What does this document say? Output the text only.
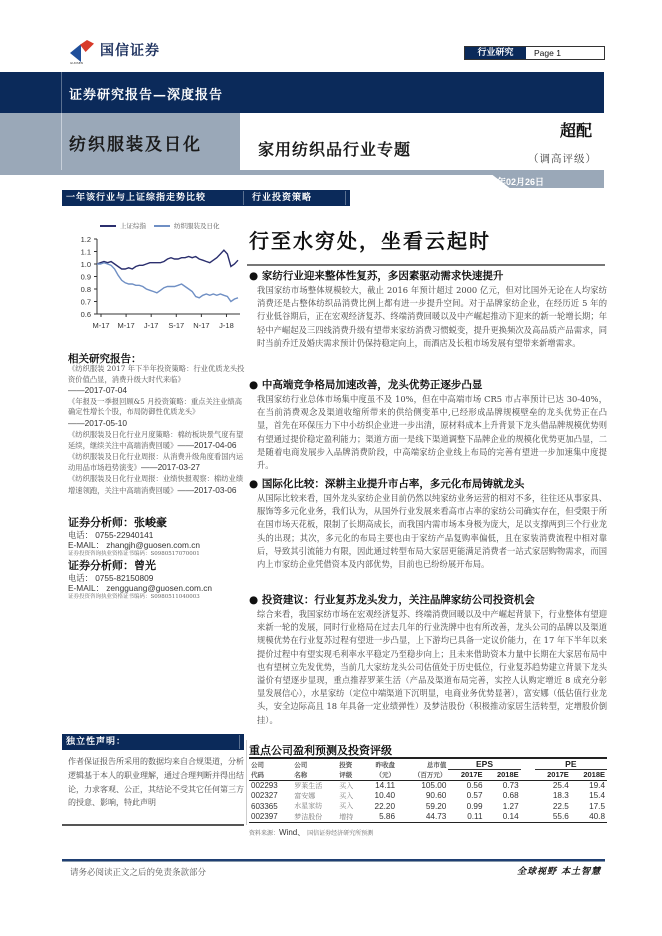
GUOSEN
国信证券	行业研究	Page 1
证券研究报告—深度报告
纺织服装及日化	家用纺织品行业专题
超配
（调高评级）
2018年02月26日
一年该行业与上证综指走势比较
上证综指	纺织服装及日化
1.2
1.1
1.0
0.9
0.8
0.7
0.6
M-17 M-17 J-17 S-17 N-17 J-18
相关研究报告：
《纺织服装 2017 年下半年投资策略：行业优质龙头投资价值凸显，消费升级大时代来临》
——2017-07-04
《年报及一季报回顾&5 月投资策略：重点关注业绩高确定性增长个股，布局防御性优质龙头》
——2017-05-10
《纺织服装及日化行业月度策略：棉纺板块景气度有望延续，继续关注中高端消费回暖》——2017-04-06
《纺织服装及日化行业周报：从消费升级角度看国内运动用品市场趋势演变》——2017-03-27
《纺织服装及日化行业周报：业绩快报观察：棉纺业绩增速领跑，关注中高端消费回暖》——2017-03-06
证券分析师：张峻豪
电话： 0755-22940141
E-MAIL： zhangjh@guosen.com.cn
证券投资咨询执业资格证书编码：S0980517070001
证券分析师：曾光
电话： 0755-82150809
E-MAIL： zengguang@guosen.com.cn
证券投资咨询执业资格证书编码：S0980511040003
独立性声明：
作者保证报告所采用的数据均来自合规渠道，分析逻辑基于本人的职业理解，通过合理判断并得出结论，力求客观、公正，其结论不受其它任何第三方的授意、影响，特此声明
行业投资策略
行至水穷处，坐看云起时
● 家纺行业迎来整体性复苏，多因素驱动需求快速提升
我国家纺市场整体规模较大，截止 2016 年预计超过 2000 亿元，但对比国外无论在人均家纺消费还是占整体纺织品消费比例上都有进一步提升空间。对于品牌家纺企业，在经历近 5 年的行业低谷期后，正在宏观经济复苏、终端消费回暖以及中产崛起推动下迎来的新一轮增长期；年轻中产崛起及三四线消费升级有望带来家纺消费习惯蜕变，提升更换频次及高品质产品需求，同时当前乔迁及婚庆需求预计仍保持稳定向上，而酒店及长租市场发展有望带来新增需求。
● 中高端竞争格局加速改善，龙头优势正逐步凸显
我国家纺行业总体市场集中度虽不及 10%，但在中高端市场 CR5 市占率预计已达 30-40%，在当前消费观念及渠道收缩所带来的供给侧变革中,已经形成品牌规模壁垒的龙头优势正在凸显，首先在环保压力下中小纺织企业进一步出清，原材料成本上升背景下龙头借品牌规模优势则有望通过提价稳定盈利能力；渠道方面一是线下渠道调整下品牌企业的规模化优势更加凸显，二是随着电商发展步入品牌消费阶段，中高端家纺企业线上布局的完善有望进一步加速集中度提升。
● 国际化比较：深耕主业提升市占率，多元化布局铸就龙头
从国际比较来看，国外龙头家纺企业目前仍然以纯家纺业务运营的相对不多，往往还从事家具、服饰等多元化业务，我们认为，从国外行业发展来看高市占率的家纺公司确实存在，但受限于所在国市场天花板，限制了长期高成长，而我国内需市场本身极为庞大，足以支撑两到三个行业龙头的出现；其次，多元化的布局主要也由于家纺产品复购率偏低，且在家装消费流程中相对靠后，导致其引流能力有限，因此通过转型布局大家居更能满足消费者一站式家居购物需求，而国内上市家纺企业凭借资本及内部优势，目前也已纷纷展开布局。
● 投资建议：行业复苏龙头发力，关注品牌家纺公司投资机会
综合来看，我国家纺市场在宏观经济复苏、终端消费回暖以及中产崛起背景下，行业整体有望迎来新一轮的发展，同时行业格局在过去几年的行业洗牌中也有所改善，龙头公司的品牌以及渠道规模优势在行业复苏过程有望进一步凸显，上下游均已具备一定议价能力，在 17 年下半年以来提价过程中有望实现毛利率水平稳定乃至稳步向上；且未来借助资本力量中长期在大家居布局中也有望树立先发优势，当前几大家纺龙头公司估值处于历史低位，行业复苏趋势建立背景下龙头溢价有望逐步显现，重点推荐罗莱生活（产品及渠道布局完善，实控人认购定增近 8 成充分彰显发展信心），水星家纺（定位中端渠道下沉明显，电商业务优势显著），富安娜（低估值行业龙头，安全边际高且 18 年具备一定业绩弹性）及梦洁股份（积极推动家居生活转型，定增股价倒挂）。
重点公司盈利预测及投资评级
公司	公司	投资	昨收盘	总市值	EPS			PE	
代码	名称	评级	（元）	（百万元）	2017E	2018E		2017E	2018E
002293	罗莱生活	买入	14.11	105.00	0.56	0.73		25.4	19.4
002327	富安娜	买入	10.40	90.60	0.57	0.68		18.3	15.4
603365	水星家纺	买入	22.20	59.20	0.99	1.27		22.5	17.5
002397	梦洁股份	增持	5.86	44.73	0.11	0.14		55.6	40.8
资料来源：Wind、 国信证券经济研究所预测
请务必阅读正文之后的免责条款部分	全球视野 本土智慧
